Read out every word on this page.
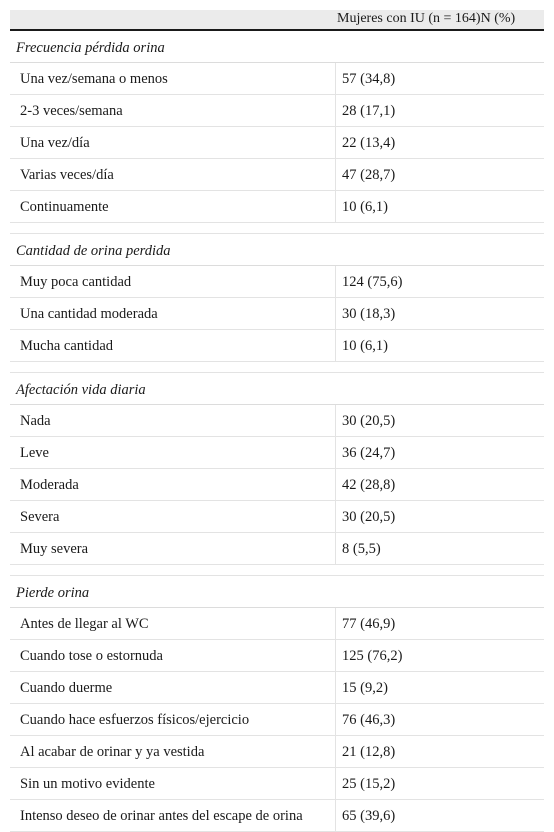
Mujeres con IU (n = 164)N (%)
Frecuencia pérdida orina
Una vez/semana o menos	57 (34,8)
2-3 veces/semana	28 (17,1)
Una vez/día	22 (13,4)
Varias veces/día	47 (28,7)
Continuamente	10 (6,1)
Cantidad de orina perdida
Muy poca cantidad	124 (75,6)
Una cantidad moderada	30 (18,3)
Mucha cantidad	10 (6,1)
Afectación vida diaria
Nada	30 (20,5)
Leve	36 (24,7)
Moderada	42 (28,8)
Severa	30 (20,5)
Muy severa	8 (5,5)
Pierde orina
Antes de llegar al WC	77 (46,9)
Cuando tose o estornuda	125 (76,2)
Cuando duerme	15 (9,2)
Cuando hace esfuerzos físicos/ejercicio	76 (46,3)
Al acabar de orinar y ya vestida	21 (12,8)
Sin un motivo evidente	25 (15,2)
Intenso deseo de orinar antes del escape de orina	65 (39,6)
